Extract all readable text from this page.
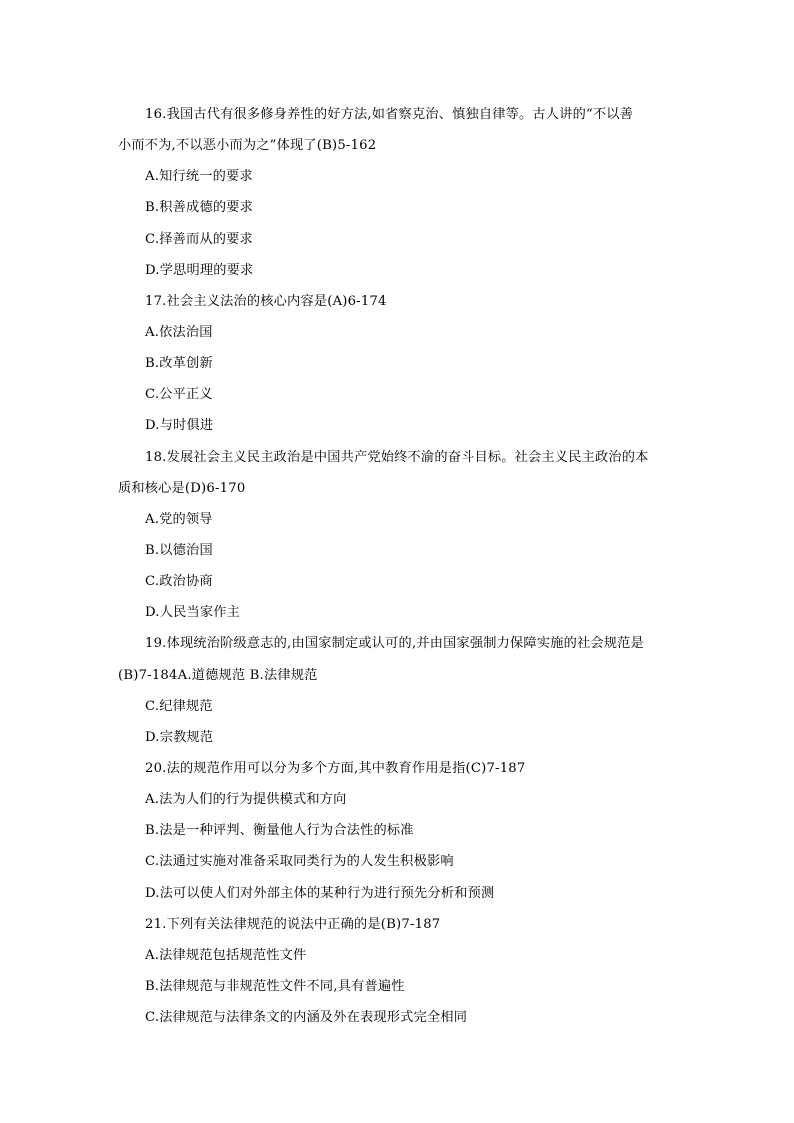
16.我国古代有很多修身养性的好方法,如省察克治、慎独自律等。古人讲的“不以善
小而不为,不以恶小而为之”体现了(B)5-162
A.知行统一的要求
B.积善成德的要求
C.择善而从的要求
D.学思明理的要求
17.社会主义法治的核心内容是(A)6-174
A.依法治国
B.改革创新
C.公平正义
D.与时俱进
18.发展社会主义民主政治是中国共产党始终不渝的奋斗目标。社会主义民主政治的本
质和核心是(D)6-170
A.党的领导
B.以德治国
C.政治协商
D.人民当家作主
19.体现统治阶级意志的,由国家制定或认可的,并由国家强制力保障实施的社会规范是
(B)7-184A.道德规范 B.法律规范
C.纪律规范
D.宗教规范
20.法的规范作用可以分为多个方面,其中教育作用是指(C)7-187
A.法为人们的行为提供模式和方向
B.法是一种评判、衡量他人行为合法性的标准
C.法通过实施对准备采取同类行为的人发生积极影响
D.法可以使人们对外部主体的某种行为进行预先分析和预测
21.下列有关法律规范的说法中正确的是(B)7-187
A.法律规范包括规范性文件
B.法律规范与非规范性文件不同,具有普遍性
C.法律规范与法律条文的内涵及外在表现形式完全相同
